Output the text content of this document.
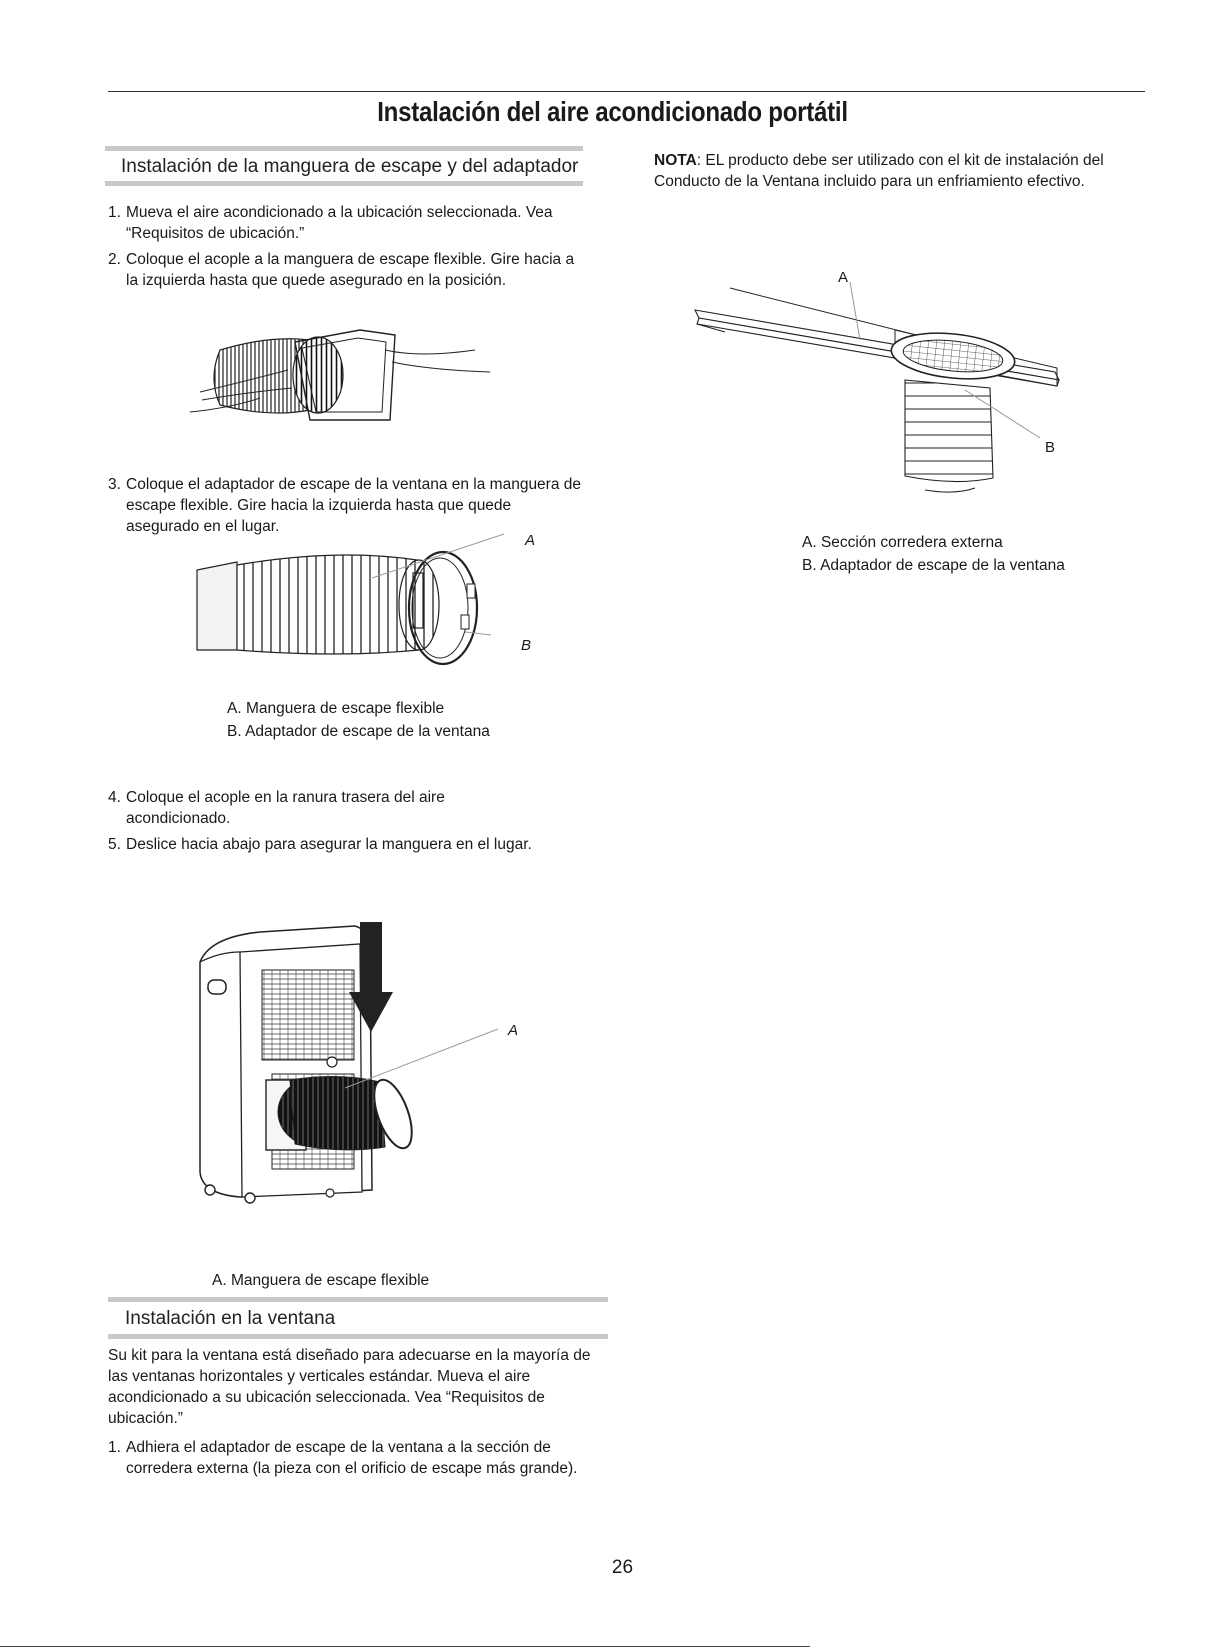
Instalación del aire acondicionado portátil
Instalación de la manguera de escape y del adaptador
1. Mueva el aire acondicionado a la ubicación seleccionada. Vea “Requisitos de ubicación.”
2. Coloque el acople a la manguera de escape flexible. Gire hacia a la izquierda hasta que quede asegurado en la posición.
3. Coloque el adaptador de escape de la ventana en la manguera de escape flexible. Gire hacia la izquierda hasta que quede asegurado en el lugar.
A
B
A. Manguera de escape flexible
B. Adaptador de escape de la ventana
4. Coloque el acople en la ranura trasera del aire acondicionado.
5. Deslice hacia abajo para asegurar la manguera en el lugar.
A
A. Manguera de escape flexible
Instalación en la ventana
Su kit para la ventana está diseñado para adecuarse en la mayoría de las ventanas horizontales y verticales estándar. Mueva el aire acondicionado a su ubicación seleccionada. Vea “Requisitos de ubicación.”
1. Adhiera el adaptador de escape de la ventana a la sección de corredera externa (la pieza con el orificio de escape más grande).
NOTA: EL producto debe ser utilizado con el kit de instalación del Conducto de la Ventana incluido para un enfriamiento efectivo.
A
B
A. Sección corredera externa
B. Adaptador de escape de la ventana
26
